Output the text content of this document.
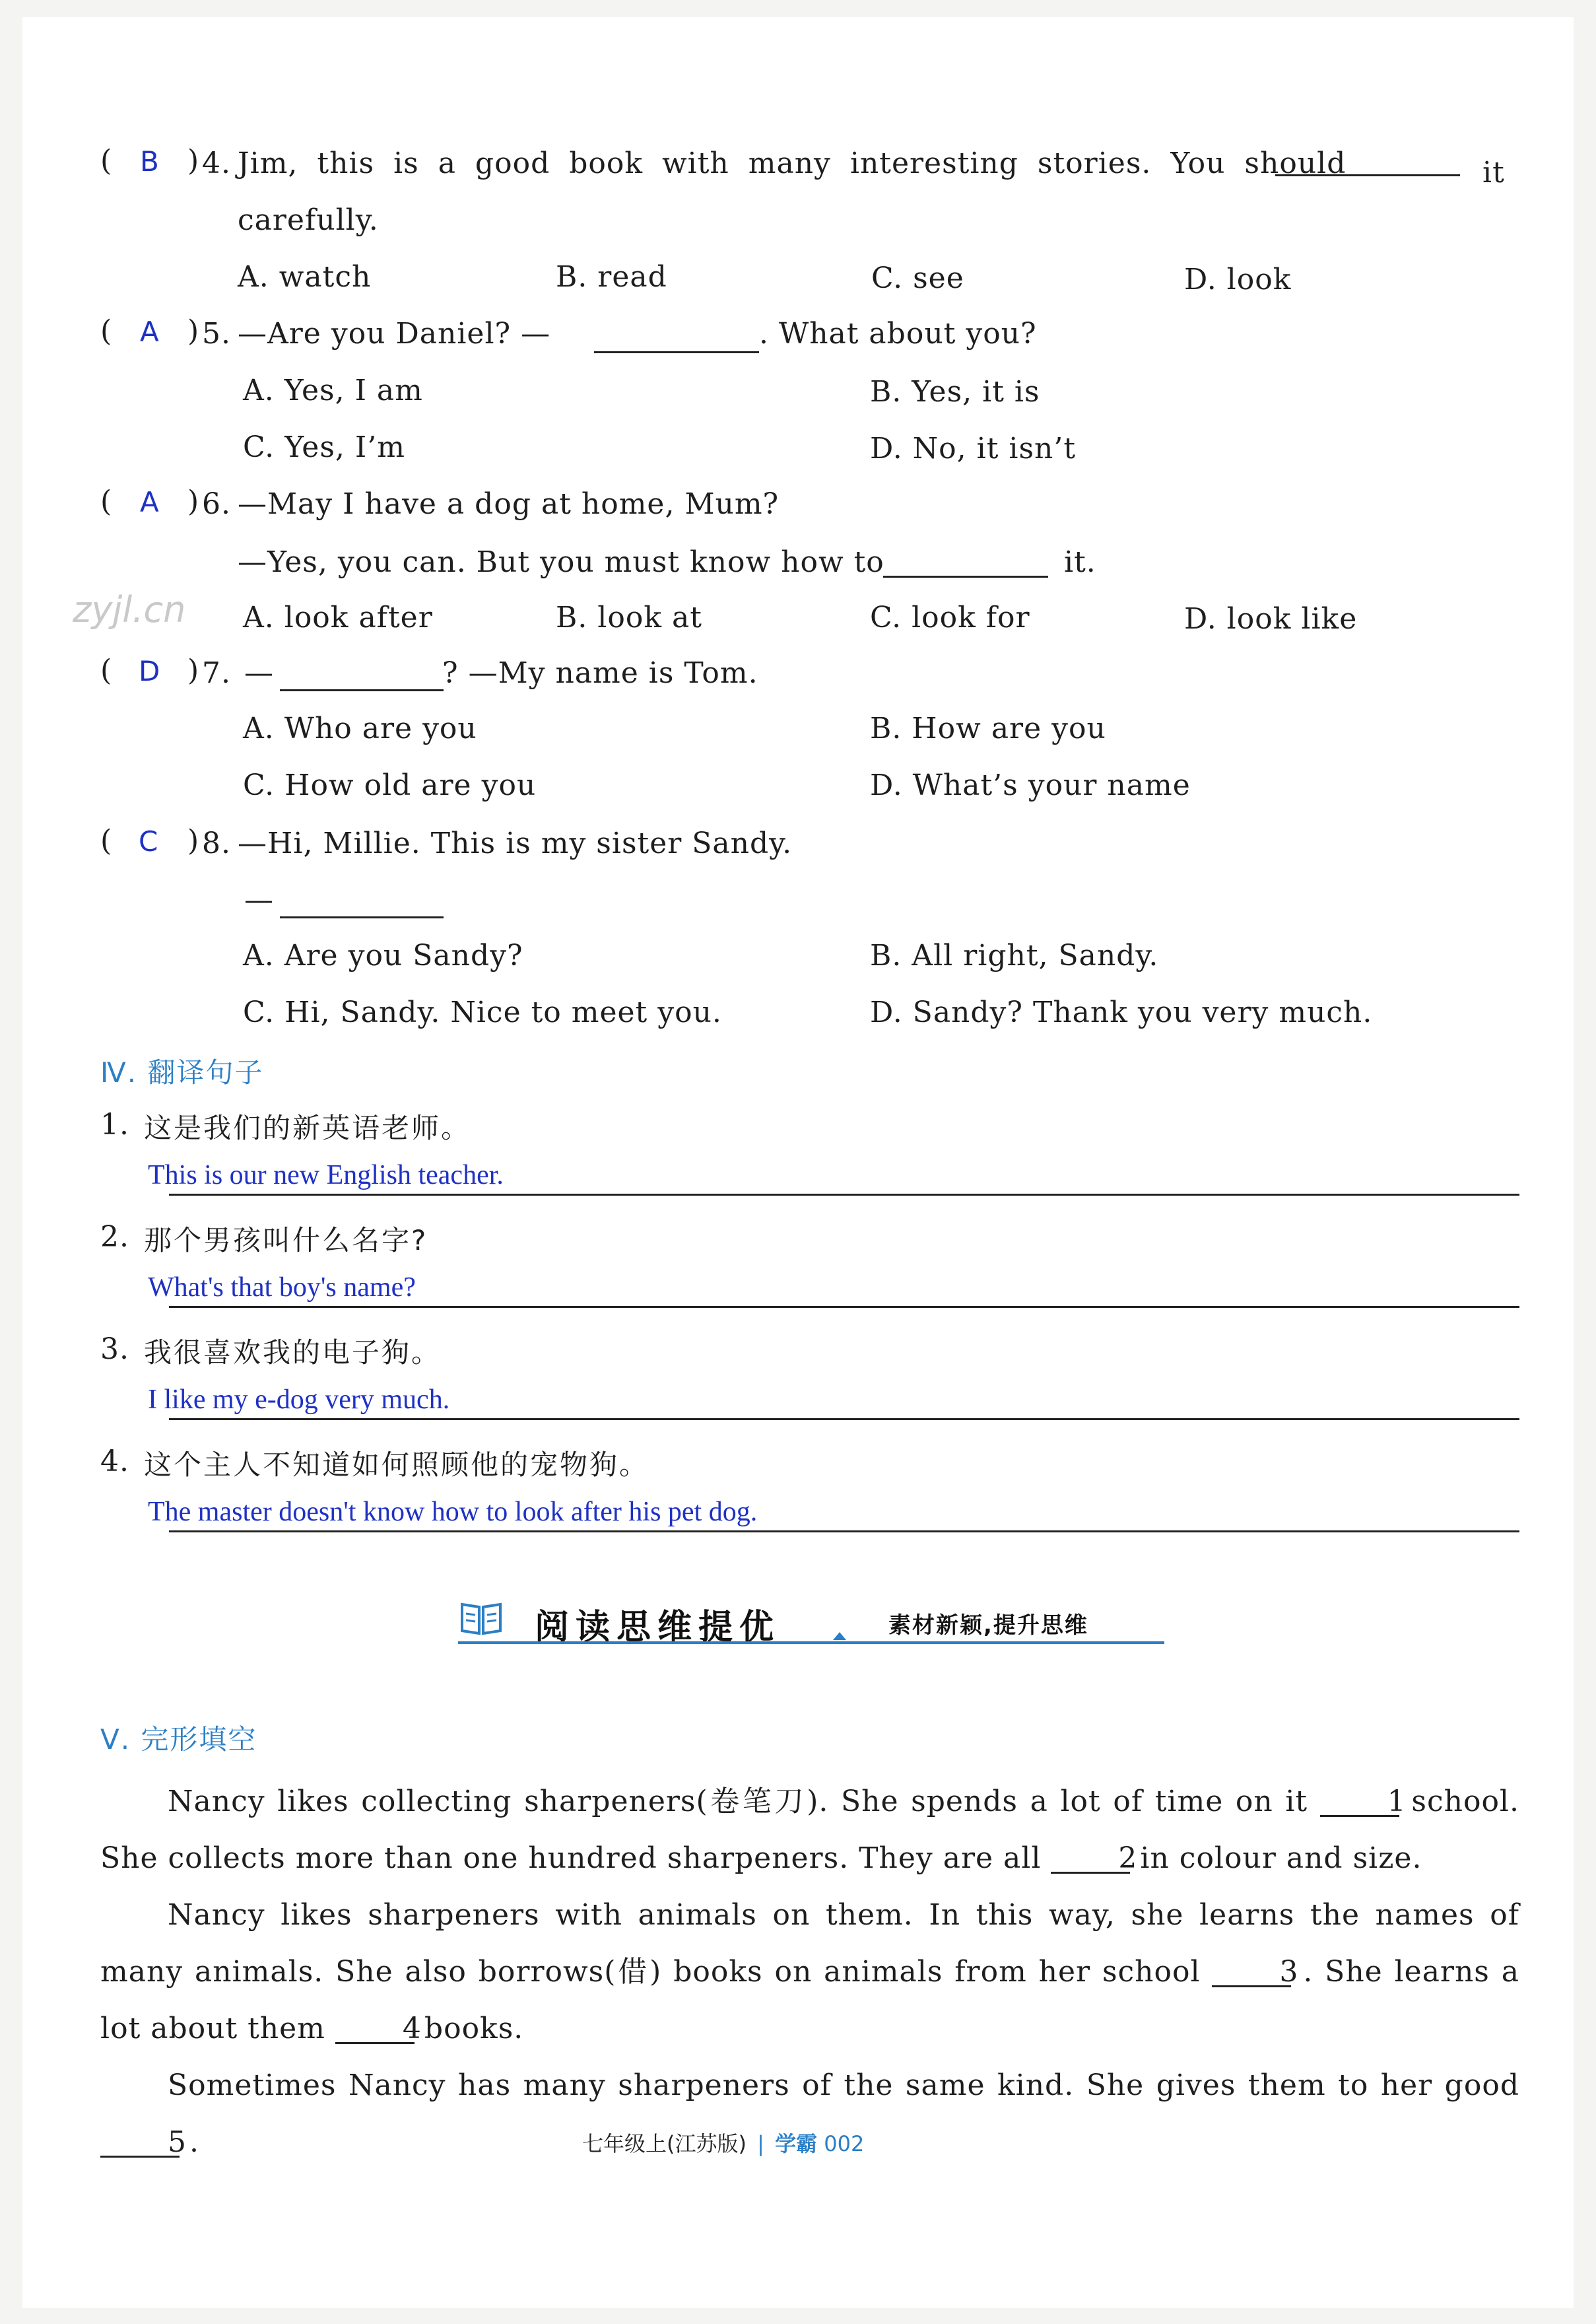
( B ) 4. Jim, this is a good book with many interesting stories. You should	it
carefully.
A. watch	B. read	C. see	D. look
( A ) 5. —Are you Daniel? —	. What about you?
A. Yes, I am	B. Yes, it is
C. Yes, I’m	D. No, it isn’t
( A ) 6. —May I have a dog at home, Mum?
—Yes, you can. But you must know how to	it.
zyjl.cn A. look after	B. look at	C. look for	D. look like
( D ) 7. —	? —My name is Tom.
A. Who are you	B. How are you
C. How old are you	D. What’s your name
( C ) 8. —Hi, Millie. This is my sister Sandy.
—
A. Are you Sandy?	B. All right, Sandy.
C. Hi, Sandy. Nice to meet you.	D. Sandy? Thank you very much.
Ⅳ. 翻译句子
1. 这是我们的新英语老师。
This is our new English teacher.
2. 那个男孩叫什么名字?
What's that boy's name?
3. 我很喜欢我的电子狗。
I like my e-dog very much.
4. 这个主人不知道如何照顾他的宠物狗。
The master doesn't know how to look after his pet dog.
阅读思维提优	素材新颖,提升思维
Ⅴ. 完形填空
Nancy likes collecting sharpeners(卷笔刀). She spends a lot of time on it	1 school. She collects more than one hundred sharpeners. They are all	2 in colour and size.
Nancy likes sharpeners with animals on them. In this way, she learns the names of many animals. She also borrows(借) books on animals from her school	3 . She learns a lot about them	4 books.
Sometimes Nancy has many sharpeners of the same kind. She gives them to her good 5 .	七年级上(江苏版) | 学霸 002
